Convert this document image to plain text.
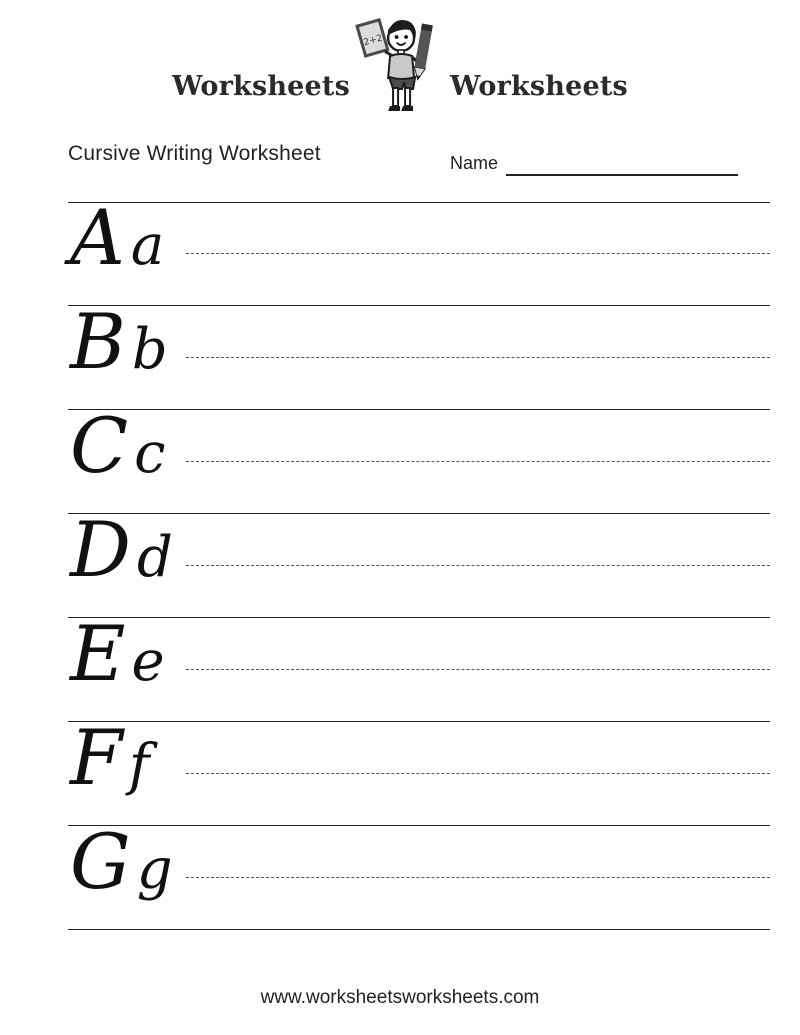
Worksheets
2+2
Worksheets
Cursive Writing Worksheet	Name
Aa
Bb
Cc
Dd
Ee
Ff
Gg
www.worksheetsworksheets.com
